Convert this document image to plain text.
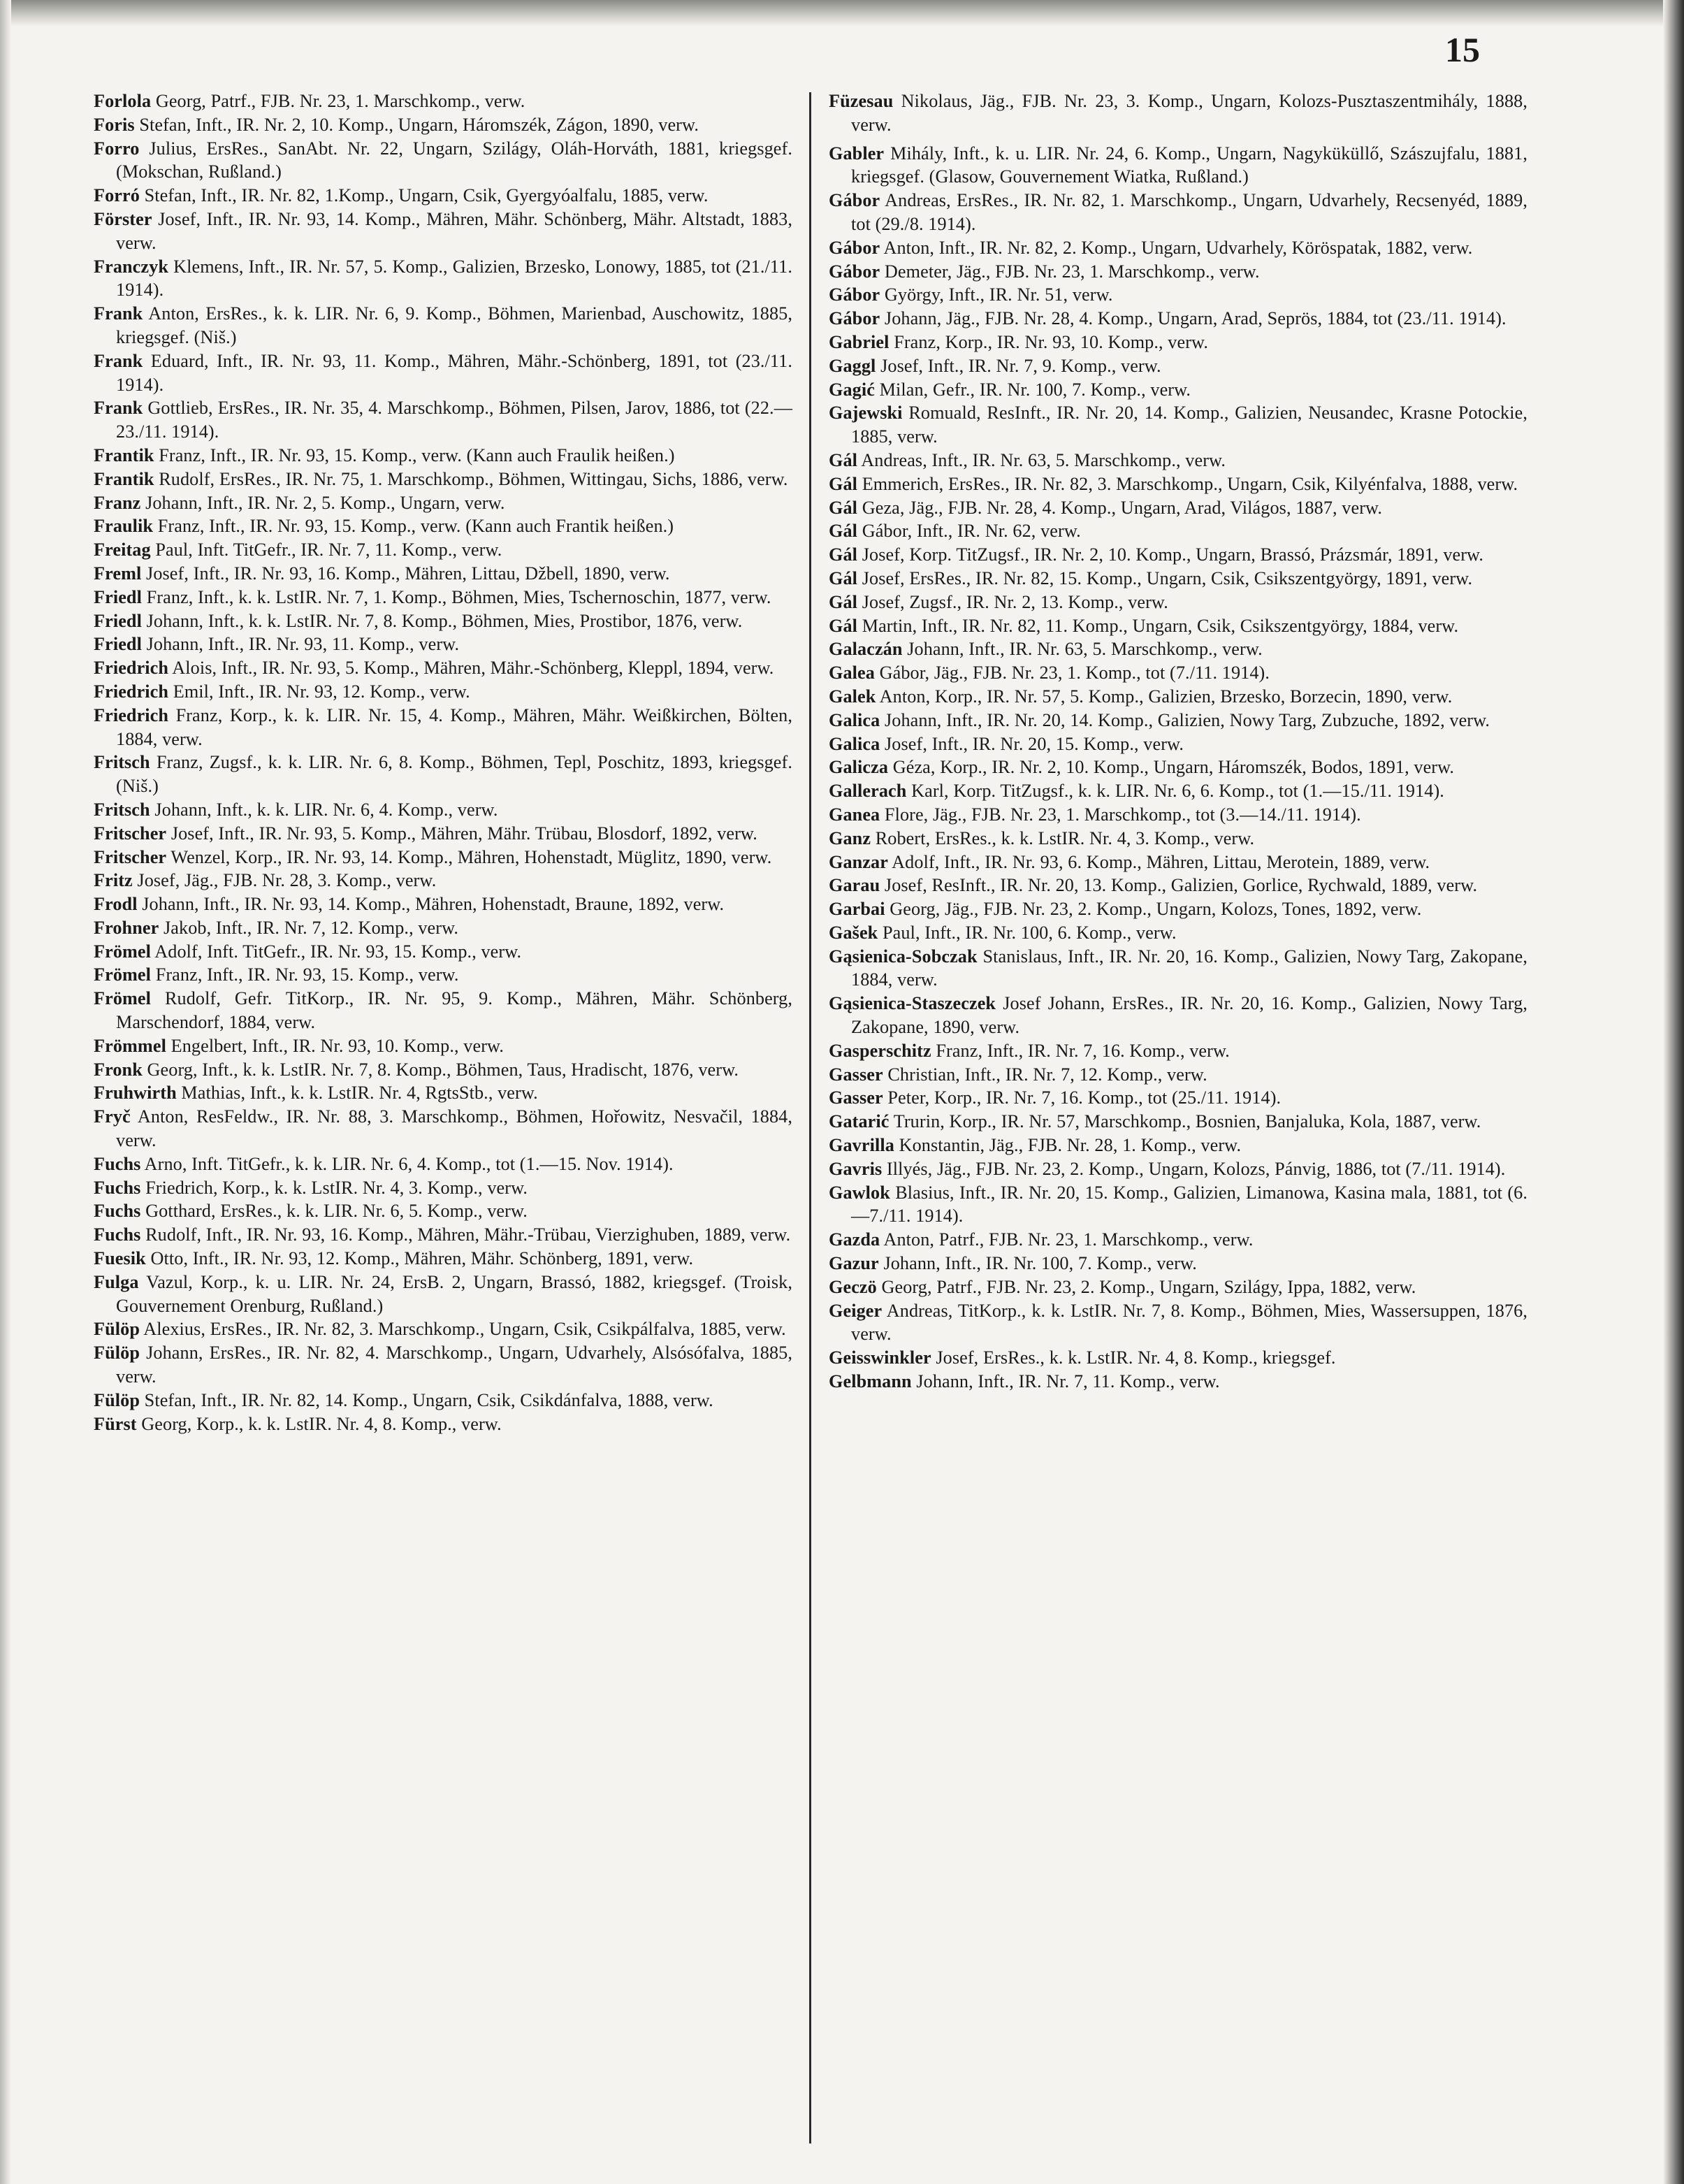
15

Forlola Georg, Patrf., FJB. Nr. 23, 1. Marschkomp., verw.

Foris Stefan, Inft., IR. Nr. 2, 10. Komp., Ungarn, Háromszék, Zágon, 1890, verw.

Forro Julius, ErsRes., SanAbt. Nr. 22, Ungarn, Szilágy, Oláh-Horváth, 1881, kriegsgef. (Mokschan, Rußland.)

Forró Stefan, Inft., IR. Nr. 82, 1.Komp., Ungarn, Csik, Gyergyóalfalu, 1885, verw.

Förster Josef, Inft., IR. Nr. 93, 14. Komp., Mähren, Mähr. Schönberg, Mähr. Altstadt, 1883, verw.

Franczyk Klemens, Inft., IR. Nr. 57, 5. Komp., Galizien, Brzesko, Lonowy, 1885, tot (21./11. 1914).

Frank Anton, ErsRes., k. k. LIR. Nr. 6, 9. Komp., Böhmen, Marienbad, Auschowitz, 1885, kriegsgef. (Niš.)

Frank Eduard, Inft., IR. Nr. 93, 11. Komp., Mähren, Mähr.-Schönberg, 1891, tot (23./11. 1914).

Frank Gottlieb, ErsRes., IR. Nr. 35, 4. Marschkomp., Böhmen, Pilsen, Jarov, 1886, tot (22.—23./11. 1914).

Frantik Franz, Inft., IR. Nr. 93, 15. Komp., verw. (Kann auch Fraulik heißen.)

Frantik Rudolf, ErsRes., IR. Nr. 75, 1. Marschkomp., Böhmen, Wittingau, Sichs, 1886, verw.

Franz Johann, Inft., IR. Nr. 2, 5. Komp., Ungarn, verw.

Fraulik Franz, Inft., IR. Nr. 93, 15. Komp., verw. (Kann auch Frantik heißen.)

Freitag Paul, Inft. TitGefr., IR. Nr. 7, 11. Komp., verw.

Freml Josef, Inft., IR. Nr. 93, 16. Komp., Mähren, Littau, Džbell, 1890, verw.

Friedl Franz, Inft., k. k. LstIR. Nr. 7, 1. Komp., Böhmen, Mies, Tschernoschin, 1877, verw.

Friedl Johann, Inft., k. k. LstIR. Nr. 7, 8. Komp., Böhmen, Mies, Prostibor, 1876, verw.

Friedl Johann, Inft., IR. Nr. 93, 11. Komp., verw.

Friedrich Alois, Inft., IR. Nr. 93, 5. Komp., Mähren, Mähr.-Schönberg, Kleppl, 1894, verw.

Friedrich Emil, Inft., IR. Nr. 93, 12. Komp., verw.

Friedrich Franz, Korp., k. k. LIR. Nr. 15, 4. Komp., Mähren, Mähr. Weißkirchen, Bölten, 1884, verw.

Fritsch Franz, Zugsf., k. k. LIR. Nr. 6, 8. Komp., Böhmen, Tepl, Poschitz, 1893, kriegsgef. (Niš.)

Fritsch Johann, Inft., k. k. LIR. Nr. 6, 4. Komp., verw.

Fritscher Josef, Inft., IR. Nr. 93, 5. Komp., Mähren, Mähr. Trübau, Blosdorf, 1892, verw.

Fritscher Wenzel, Korp., IR. Nr. 93, 14. Komp., Mähren, Hohenstadt, Müglitz, 1890, verw.

Fritz Josef, Jäg., FJB. Nr. 28, 3. Komp., verw.

Frodl Johann, Inft., IR. Nr. 93, 14. Komp., Mähren, Hohenstadt, Braune, 1892, verw.

Frohner Jakob, Inft., IR. Nr. 7, 12. Komp., verw.

Frömel Adolf, Inft. TitGefr., IR. Nr. 93, 15. Komp., verw.

Frömel Franz, Inft., IR. Nr. 93, 15. Komp., verw.

Frömel Rudolf, Gefr. TitKorp., IR. Nr. 95, 9. Komp., Mähren, Mähr. Schönberg, Marschendorf, 1884, verw.

Frömmel Engelbert, Inft., IR. Nr. 93, 10. Komp., verw.

Fronk Georg, Inft., k. k. LstIR. Nr. 7, 8. Komp., Böhmen, Taus, Hradischt, 1876, verw.

Fruhwirth Mathias, Inft., k. k. LstIR. Nr. 4, RgtsStb., verw.

Fryč Anton, ResFeldw., IR. Nr. 88, 3. Marschkomp., Böhmen, Hořowitz, Nesvačil, 1884, verw.

Fuchs Arno, Inft. TitGefr., k. k. LIR. Nr. 6, 4. Komp., tot (1.—15. Nov. 1914).

Fuchs Friedrich, Korp., k. k. LstIR. Nr. 4, 3. Komp., verw.

Fuchs Gotthard, ErsRes., k. k. LIR. Nr. 6, 5. Komp., verw.

Fuchs Rudolf, Inft., IR. Nr. 93, 16. Komp., Mähren, Mähr.-Trübau, Vierzighuben, 1889, verw.

Fuesik Otto, Inft., IR. Nr. 93, 12. Komp., Mähren, Mähr. Schönberg, 1891, verw.

Fulga Vazul, Korp., k. u. LIR. Nr. 24, ErsB. 2, Ungarn, Brassó, 1882, kriegsgef. (Troisk, Gouvernement Orenburg, Rußland.)

Fülöp Alexius, ErsRes., IR. Nr. 82, 3. Marschkomp., Ungarn, Csik, Csikpálfalva, 1885, verw.

Fülöp Johann, ErsRes., IR. Nr. 82, 4. Marschkomp., Ungarn, Udvarhely, Alsósófalva, 1885, verw.

Fülöp Stefan, Inft., IR. Nr. 82, 14. Komp., Ungarn, Csik, Csikdánfalva, 1888, verw.

Fürst Georg, Korp., k. k. LstIR. Nr. 4, 8. Komp., verw.

Füzesau Nikolaus, Jäg., FJB. Nr. 23, 3. Komp., Ungarn, Kolozs-Pusztaszentmihály, 1888, verw.

Gabler Mihály, Inft., k. u. LIR. Nr. 24, 6. Komp., Ungarn, Nagyküküllő, Szászujfalu, 1881, kriegsgef. (Glasow, Gouvernement Wiatka, Rußland.)

Gábor Andreas, ErsRes., IR. Nr. 82, 1. Marschkomp., Ungarn, Udvarhely, Recsenyéd, 1889, tot (29./8. 1914).

Gábor Anton, Inft., IR. Nr. 82, 2. Komp., Ungarn, Udvarhely, Köröspatak, 1882, verw.

Gábor Demeter, Jäg., FJB. Nr. 23, 1. Marschkomp., verw.

Gábor György, Inft., IR. Nr. 51, verw.

Gábor Johann, Jäg., FJB. Nr. 28, 4. Komp., Ungarn, Arad, Seprös, 1884, tot (23./11. 1914).

Gabriel Franz, Korp., IR. Nr. 93, 10. Komp., verw.

Gaggl Josef, Inft., IR. Nr. 7, 9. Komp., verw.

Gagić Milan, Gefr., IR. Nr. 100, 7. Komp., verw.

Gajewski Romuald, ResInft., IR. Nr. 20, 14. Komp., Galizien, Neusandec, Krasne Potockie, 1885, verw.

Gál Andreas, Inft., IR. Nr. 63, 5. Marschkomp., verw.

Gál Emmerich, ErsRes., IR. Nr. 82, 3. Marschkomp., Ungarn, Csik, Kilyénfalva, 1888, verw.

Gál Geza, Jäg., FJB. Nr. 28, 4. Komp., Ungarn, Arad, Világos, 1887, verw.

Gál Gábor, Inft., IR. Nr. 62, verw.

Gál Josef, Korp. TitZugsf., IR. Nr. 2, 10. Komp., Ungarn, Brassó, Prázsmár, 1891, verw.

Gál Josef, ErsRes., IR. Nr. 82, 15. Komp., Ungarn, Csik, Csikszentgyörgy, 1891, verw.

Gál Josef, Zugsf., IR. Nr. 2, 13. Komp., verw.

Gál Martin, Inft., IR. Nr. 82, 11. Komp., Ungarn, Csik, Csikszentgyörgy, 1884, verw.

Galaczán Johann, Inft., IR. Nr. 63, 5. Marschkomp., verw.

Galea Gábor, Jäg., FJB. Nr. 23, 1. Komp., tot (7./11. 1914).

Galek Anton, Korp., IR. Nr. 57, 5. Komp., Galizien, Brzesko, Borzecin, 1890, verw.

Galica Johann, Inft., IR. Nr. 20, 14. Komp., Galizien, Nowy Targ, Zubzuche, 1892, verw.

Galica Josef, Inft., IR. Nr. 20, 15. Komp., verw.

Galicza Géza, Korp., IR. Nr. 2, 10. Komp., Ungarn, Háromszék, Bodos, 1891, verw.

Gallerach Karl, Korp. TitZugsf., k. k. LIR. Nr. 6, 6. Komp., tot (1.—15./11. 1914).

Ganea Flore, Jäg., FJB. Nr. 23, 1. Marschkomp., tot (3.—14./11. 1914).

Ganz Robert, ErsRes., k. k. LstIR. Nr. 4, 3. Komp., verw.

Ganzar Adolf, Inft., IR. Nr. 93, 6. Komp., Mähren, Littau, Merotein, 1889, verw.

Garau Josef, ResInft., IR. Nr. 20, 13. Komp., Galizien, Gorlice, Rychwald, 1889, verw.

Garbai Georg, Jäg., FJB. Nr. 23, 2. Komp., Ungarn, Kolozs, Tones, 1892, verw.

Gašek Paul, Inft., IR. Nr. 100, 6. Komp., verw.

Gąsienica-Sobczak Stanislaus, Inft., IR. Nr. 20, 16. Komp., Galizien, Nowy Targ, Zakopane, 1884, verw.

Gąsienica-Staszeczek Josef Johann, ErsRes., IR. Nr. 20, 16. Komp., Galizien, Nowy Targ, Zakopane, 1890, verw.

Gasperschitz Franz, Inft., IR. Nr. 7, 16. Komp., verw.

Gasser Christian, Inft., IR. Nr. 7, 12. Komp., verw.

Gasser Peter, Korp., IR. Nr. 7, 16. Komp., tot (25./11. 1914).

Gatarić Trurin, Korp., IR. Nr. 57, Marschkomp., Bosnien, Banjaluka, Kola, 1887, verw.

Gavrilla Konstantin, Jäg., FJB. Nr. 28, 1. Komp., verw.

Gavris Illyés, Jäg., FJB. Nr. 23, 2. Komp., Ungarn, Kolozs, Pánvig, 1886, tot (7./11. 1914).

Gawlok Blasius, Inft., IR. Nr. 20, 15. Komp., Galizien, Limanowa, Kasina mala, 1881, tot (6.—7./11. 1914).

Gazda Anton, Patrf., FJB. Nr. 23, 1. Marschkomp., verw.

Gazur Johann, Inft., IR. Nr. 100, 7. Komp., verw.

Geczö Georg, Patrf., FJB. Nr. 23, 2. Komp., Ungarn, Szilágy, Ippa, 1882, verw.

Geiger Andreas, TitKorp., k. k. LstIR. Nr. 7, 8. Komp., Böhmen, Mies, Wassersuppen, 1876, verw.

Geisswinkler Josef, ErsRes., k. k. LstIR. Nr. 4, 8. Komp., kriegsgef.

Gelbmann Johann, Inft., IR. Nr. 7, 11. Komp., verw.
